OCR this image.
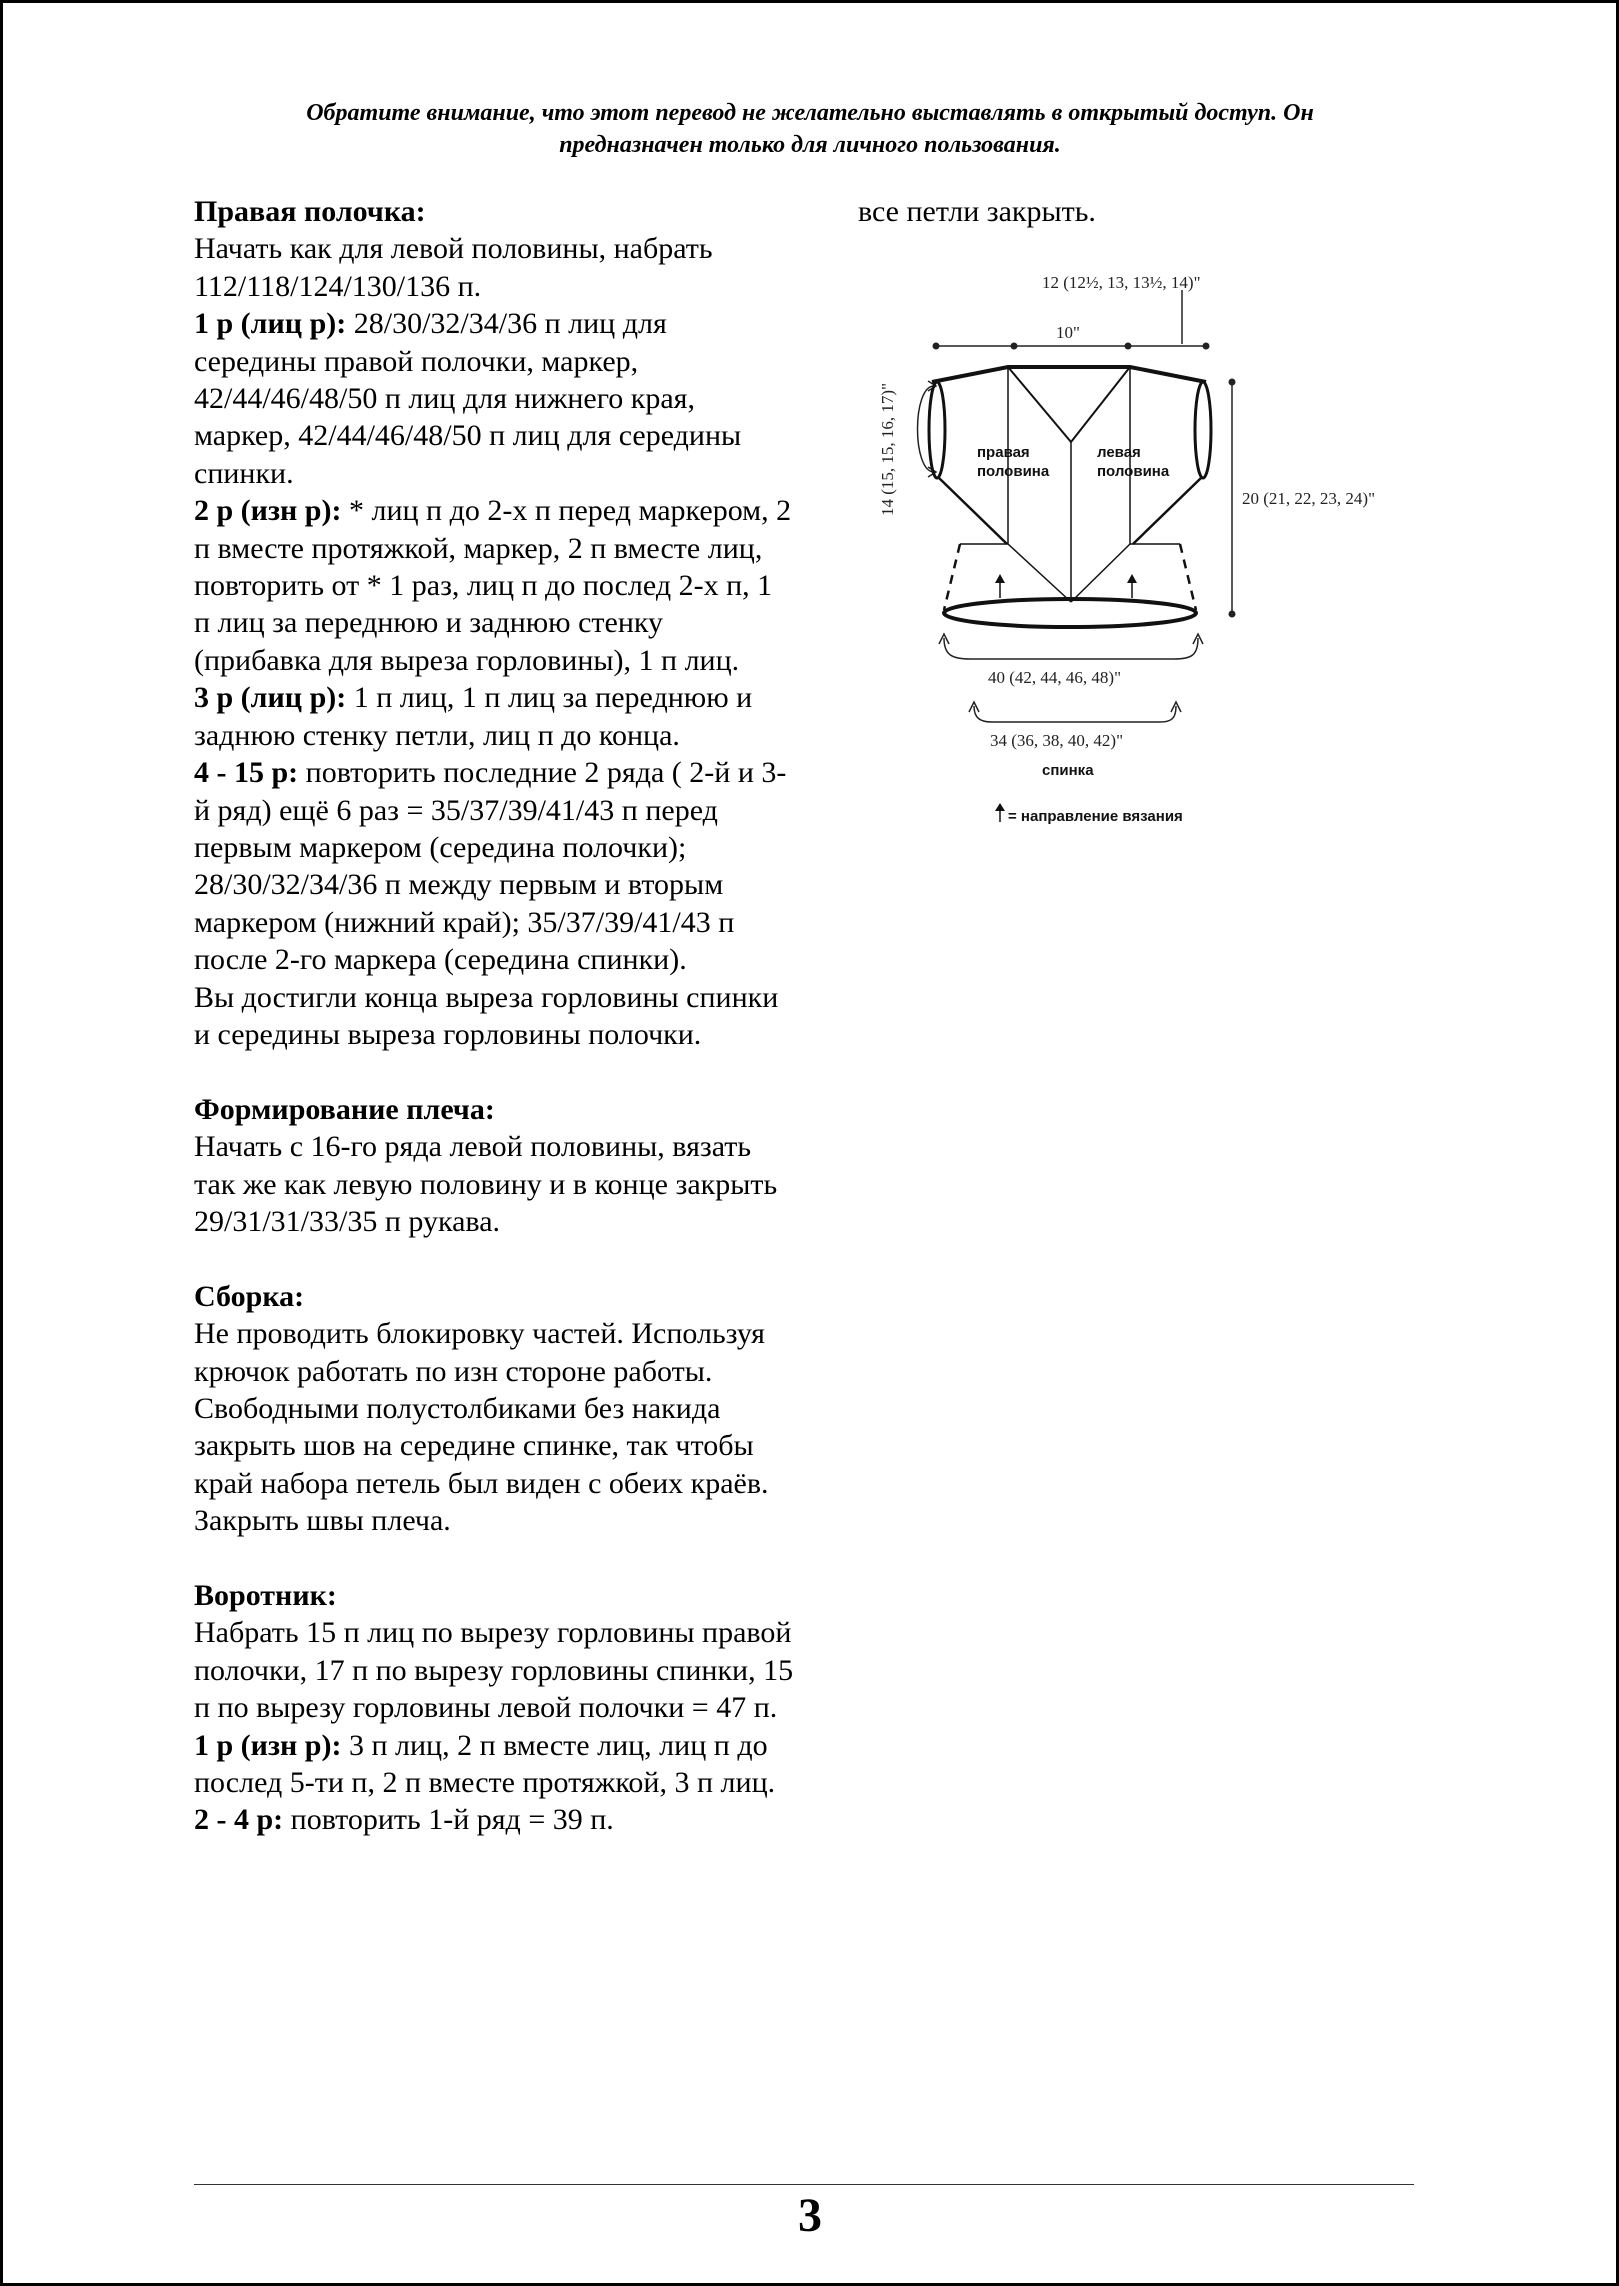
Обратите внимание, что этот перевод не желательно выставлять в открытый доступ. Он
предназначен только для личного пользования.

Правая полочка:
Начать как для левой половины, набрать 112/118/124/130/136 п.
1 р (лиц р): 28/30/32/34/36 п лиц для середины правой полочки, маркер, 42/44/46/48/50 п лиц для нижнего края, маркер, 42/44/46/48/50 п лиц для середины спинки.
2 р (изн р): * лиц п до 2-х п перед маркером, 2 п вместе протяжкой, маркер, 2 п вместе лиц, повторить от * 1 раз, лиц п до послед 2-х п, 1 п лиц за переднюю и заднюю стенку (прибавка для выреза горловины), 1 п лиц.
3 р (лиц р): 1 п лиц, 1 п лиц за переднюю и заднюю стенку петли, лиц п до конца.
4 - 15 р: повторить последние 2 ряда ( 2-й и 3-й ряд) ещё 6 раз = 35/37/39/41/43 п перед первым маркером (середина полочки); 28/30/32/34/36 п между первым и вторым маркером (нижний край); 35/37/39/41/43 п после 2-го маркера (середина спинки).
Вы достигли конца выреза горловины спинки и середины выреза горловины полочки.

Формирование плеча:
Начать с 16-го ряда левой половины, вязать так же как левую половину и в конце закрыть 29/31/31/33/35 п рукава.

Сборка:
Не проводить блокировку частей. Используя крючок работать по изн стороне работы. Свободными полустолбиками без накида закрыть шов на середине спинке, так чтобы край набора петель был виден с обеих краёв. Закрыть швы плеча.

Воротник:
Набрать 15 п лиц по вырезу горловины правой полочки, 17 п по вырезу горловины спинки, 15 п по вырезу горловины левой полочки = 47 п.
1 р (изн р): 3 п лиц, 2 п вместе лиц, лиц п до послед 5-ти п, 2 п вместе протяжкой, 3 п лиц.
2 - 4 р: повторить 1-й ряд = 39 п.

все петли закрыть.
12 (12½, 13, 13½, 14)"
10"
14 (15, 15, 16, 17)"	правая
половина
левая
половина
20 (21, 22, 23, 24)"
40 (42, 44, 46, 48)"
34 (36, 38, 40, 42)"
спинка
= направление вязания
3
